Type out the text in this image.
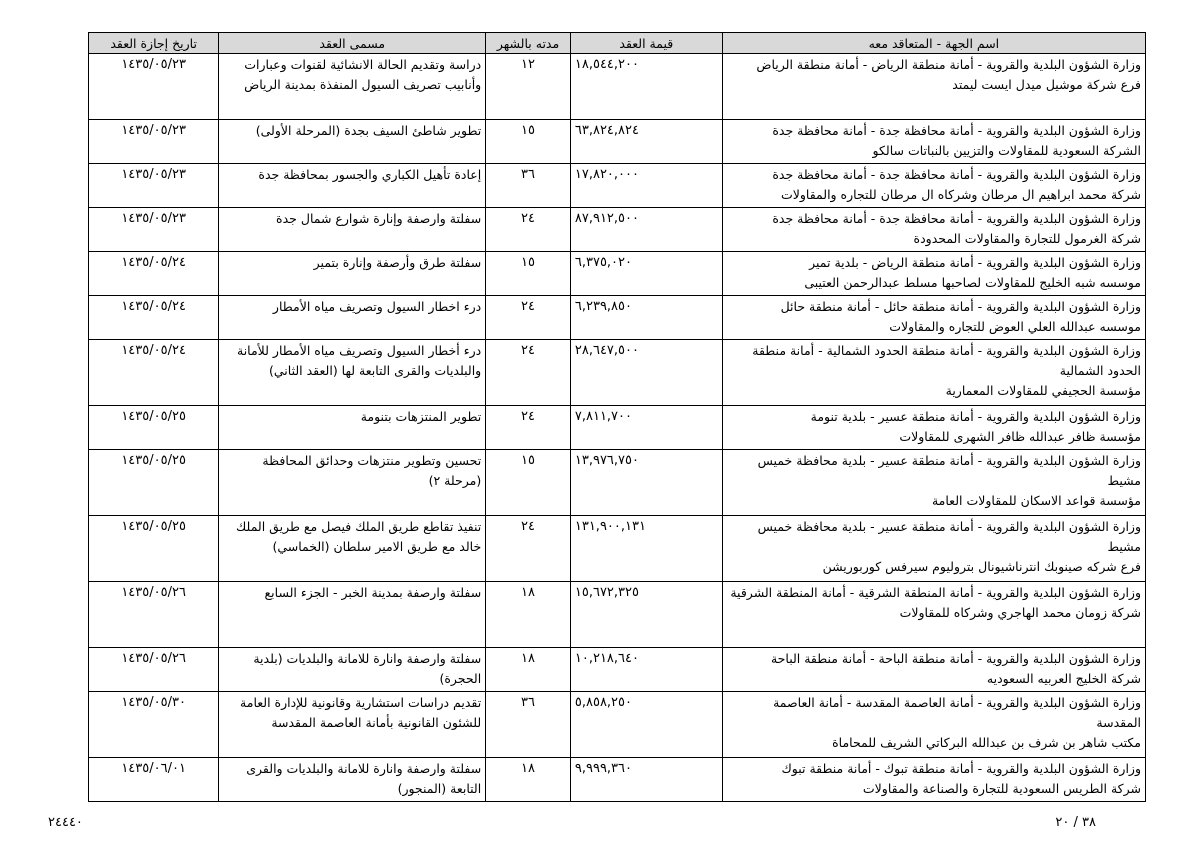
اسم الجهة - المتعاقد معه	قيمة العقد	مدته بالشهر	مسمى العقد	تاريخ إجازة العقد

وزارة الشؤون البلدية والقروية - أمانة منطقة الرياض - أمانة منطقة الرياض
فرع شركة موشيل ميدل ايست ليمتد	١٨,٥٤٤,٢٠٠	١٢	دراسة وتقديم الحالة الانشائية لقنوات وعبارات وأنابيب تصريف السيول المنفذة بمدينة الرياض	١٤٣٥/٠٥/٢٣

وزارة الشؤون البلدية والقروية - أمانة محافظة جدة - أمانة محافظة جدة
الشركة السعودية للمقاولات والتزيين بالنباتات سالكو	٦٣,٨٢٤,٨٢٤	١٥	تطوير شاطئ السيف بجدة (المرحلة الأولى)	١٤٣٥/٠٥/٢٣

وزارة الشؤون البلدية والقروية - أمانة محافظة جدة - أمانة محافظة جدة
شركة محمد ابراهيم ال مرطان وشركاه ال مرطان للتجاره والمقاولات	١٧,٨٢٠,٠٠٠	٣٦	إعادة تأهيل الكباري والجسور بمحافظة جدة	١٤٣٥/٠٥/٢٣

وزارة الشؤون البلدية والقروية - أمانة محافظة جدة - أمانة محافظة جدة
شركة الغرمول للتجارة والمقاولات المحدودة	٨٧,٩١٢,٥٠٠	٢٤	سفلتة وارصفة وإنارة شوارع شمال جدة	١٤٣٥/٠٥/٢٣

وزارة الشؤون البلدية والقروية - أمانة منطقة الرياض - بلدية تمير
موسسه شبه الخليج للمقاولات لصاحبها مسلط عبدالرحمن العتيبى	٦,٣٧٥,٠٢٠	١٥	سفلتة طرق وأرصفة وإنارة بتمير	١٤٣٥/٠٥/٢٤

وزارة الشؤون البلدية والقروية - أمانة منطقة حائل - أمانة منطقة حائل
موسسه عبدالله العلي العوض للتجاره والمقاولات	٦,٢٣٩,٨٥٠	٢٤	درء اخطار السيول وتصريف مياه الأمطار	١٤٣٥/٠٥/٢٤

وزارة الشؤون البلدية والقروية - أمانة منطقة الحدود الشمالية - أمانة منطقة الحدود الشمالية
مؤسسة الحجيفي للمقاولات المعمارية	٢٨,٦٤٧,٥٠٠	٢٤	درء أخطار السيول وتصريف مياه الأمطار للأمانة والبلديات والقرى التابعة لها (العقد الثاني)	١٤٣٥/٠٥/٢٤

وزارة الشؤون البلدية والقروية - أمانة منطقة عسير - بلدية تنومة
مؤسسة ظافر عبدالله ظافر الشهرى للمقاولات	٧,٨١١,٧٠٠	٢٤	تطوير المنتزهات بتنومة	١٤٣٥/٠٥/٢٥

وزارة الشؤون البلدية والقروية - أمانة منطقة عسير - بلدية محافظة خميس مشيط
مؤسسة قواعد الاسكان للمقاولات العامة	١٣,٩٧٦,٧٥٠	١٥	تحسين وتطوير منتزهات وحدائق المحافظة (مرحلة ٢)	١٤٣٥/٠٥/٢٥

وزارة الشؤون البلدية والقروية - أمانة منطقة عسير - بلدية محافظة خميس مشيط
فرع شركه صينوبك انترناشيونال بتروليوم سيرفس كوربوريشن	١٣١,٩٠٠,١٣١	٢٤	تنفيذ تقاطع طريق الملك فيصل مع طريق الملك خالد مع طريق الامير سلطان (الخماسي)	١٤٣٥/٠٥/٢٥

وزارة الشؤون البلدية والقروية - أمانة المنطقة الشرقية - أمانة المنطقة الشرقية
شركة زومان محمد الهاجري وشركاه للمقاولات	١٥,٦٧٢,٣٢٥	١٨	سفلتة وارصفة بمدينة الخبر - الجزء السابع	١٤٣٥/٠٥/٢٦

وزارة الشؤون البلدية والقروية - أمانة منطقة الباحة - أمانة منطقة الباحة
شركة الخليج العربيه السعوديه	١٠,٢١٨,٦٤٠	١٨	سفلتة وارصفة وانارة للامانة والبلديات (بلدية الحجرة)	١٤٣٥/٠٥/٢٦

وزارة الشؤون البلدية والقروية - أمانة العاصمة المقدسة - أمانة العاصمة المقدسة
مكتب شاهر بن شرف بن عبدالله البركاتي الشريف للمحاماة	٥,٨٥٨,٢٥٠	٣٦	تقديم دراسات استشارية وقانونية للإدارة العامة للشئون القانونية بأمانة العاصمة المقدسة	١٤٣٥/٠٥/٣٠

وزارة الشؤون البلدية والقروية - أمانة منطقة تبوك - أمانة منطقة تبوك
شركة الطريس السعودية للتجارة والصناعة والمقاولات	٩,٩٩٩,٣٦٠	١٨	سفلتة وارصفة وانارة للامانة والبلديات والقرى التابعة (المنجور)	١٤٣٥/٠٦/٠١
٢٤٤٤٠	٣٨ / ٢٠
